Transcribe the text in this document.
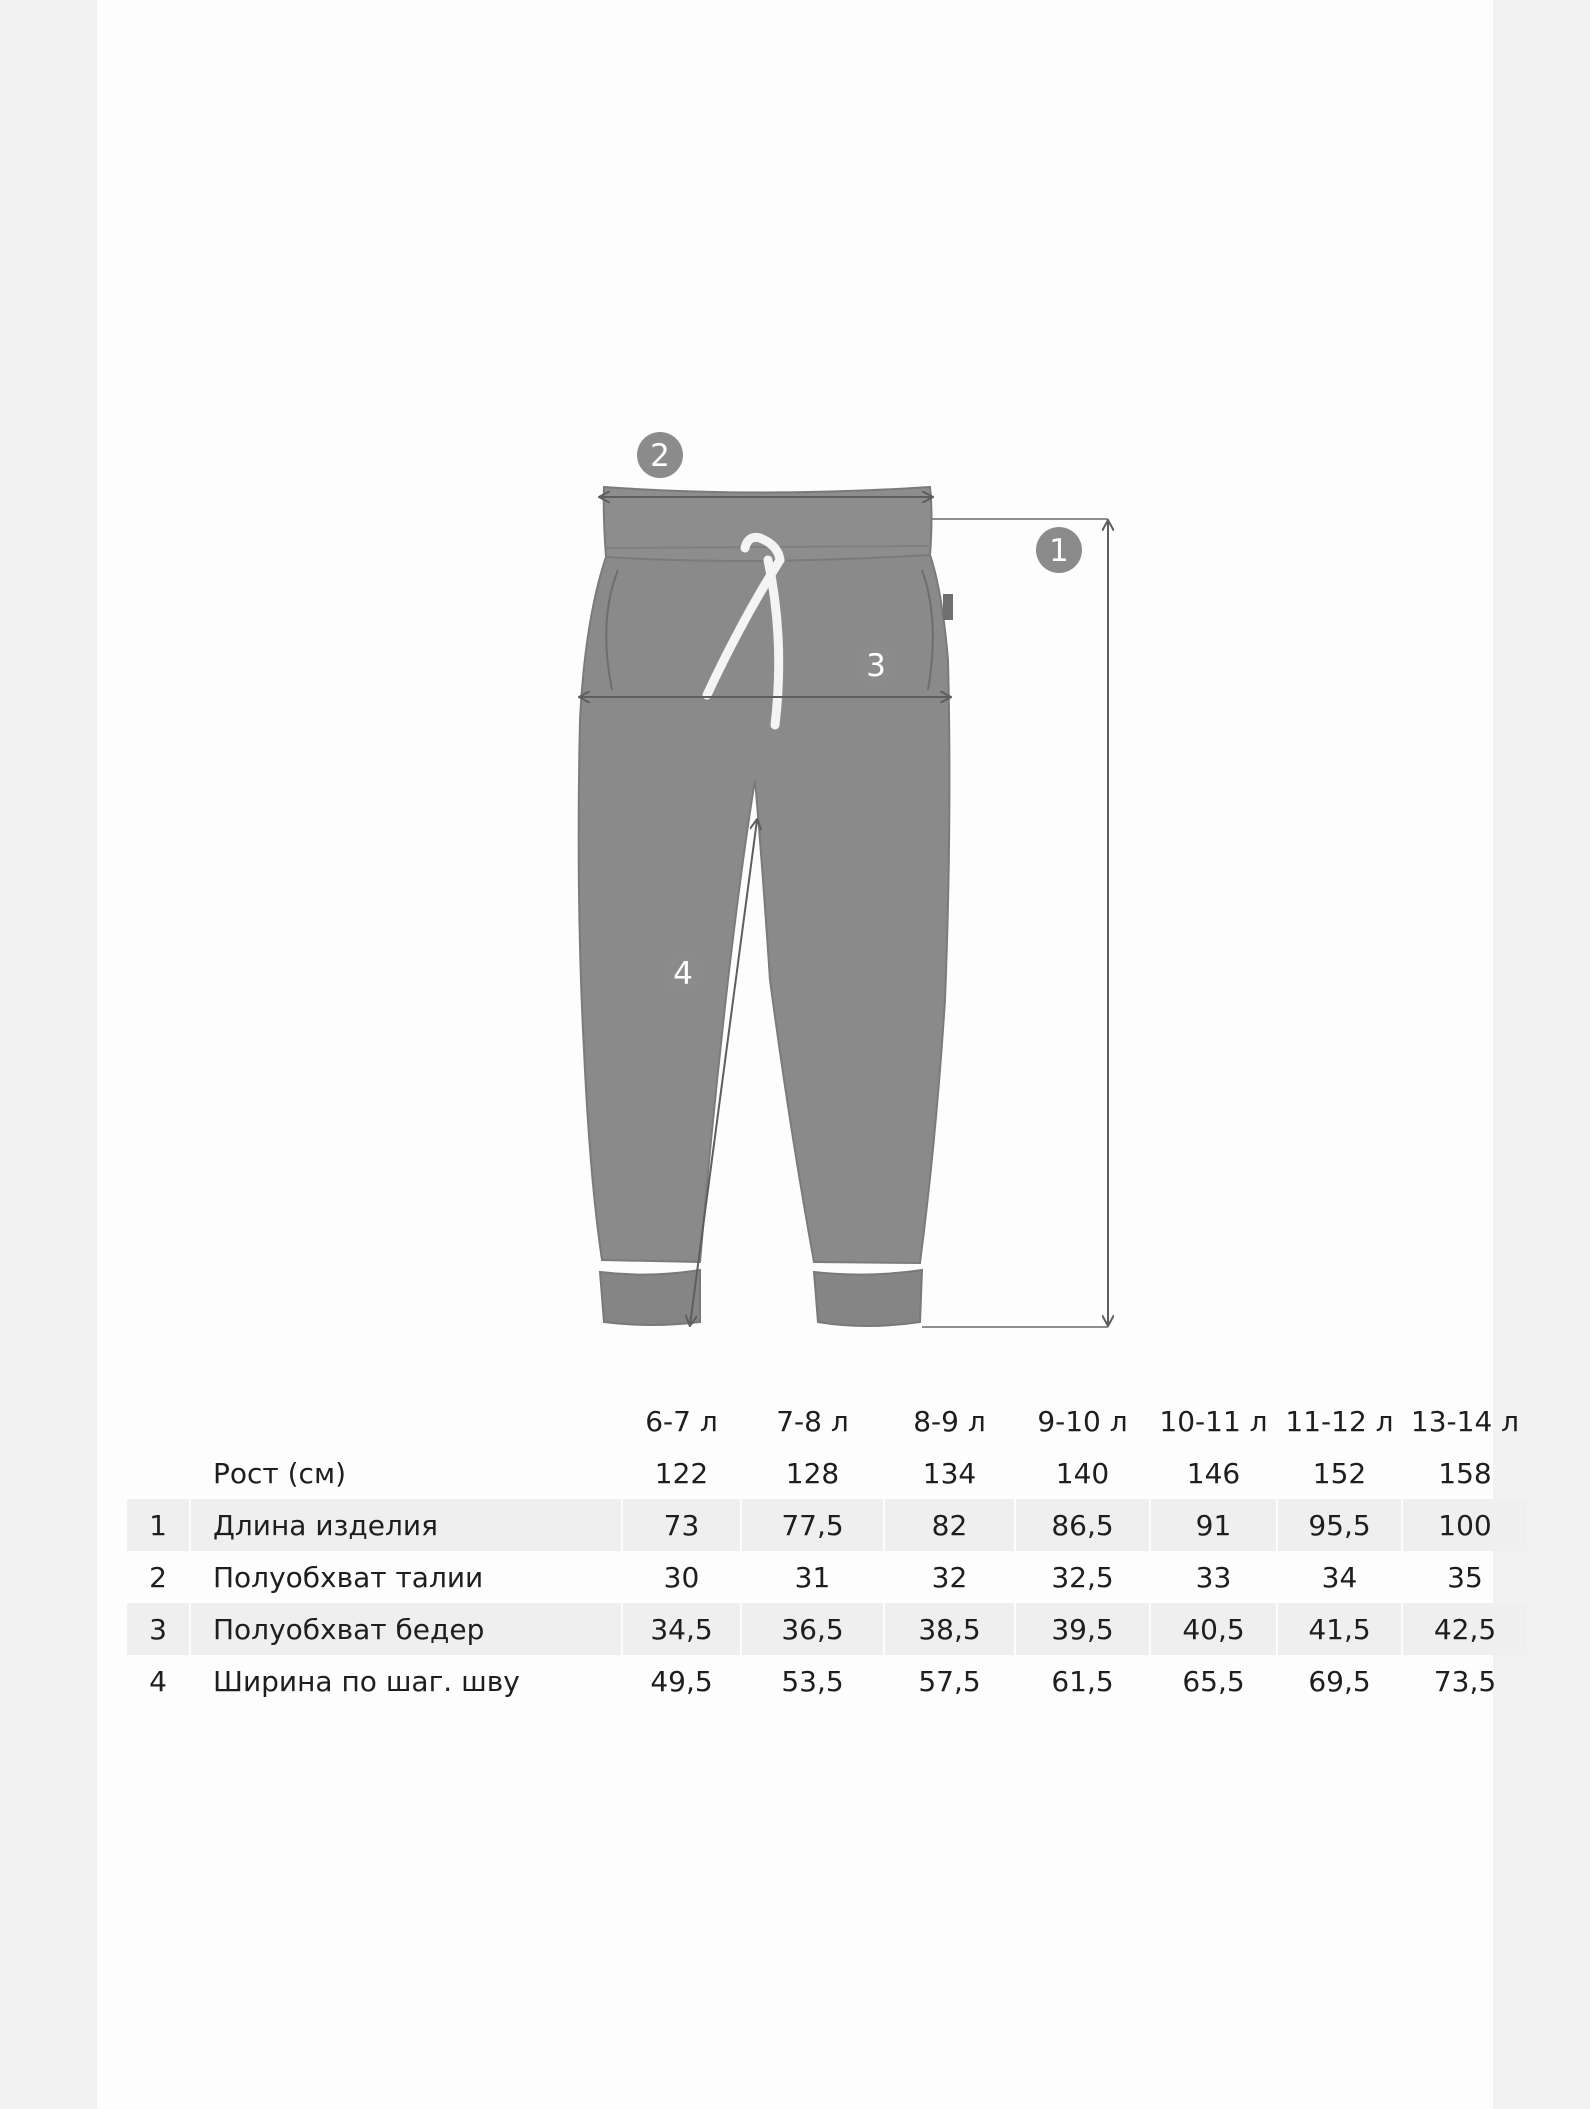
2
1
3
4
		6-7 л	7-8 л	8-9 л	9-10 л	10-11 л	11-12 л	13-14 л
	Рост (см)	122	128	134	140	146	152	158
1	Длина изделия	73	77,5	82	86,5	91	95,5	100
2	Полуобхват талии	30	31	32	32,5	33	34	35
3	Полуобхват бедер	34,5	36,5	38,5	39,5	40,5	41,5	42,5
4	Ширина по шаг. шву	49,5	53,5	57,5	61,5	65,5	69,5	73,5
